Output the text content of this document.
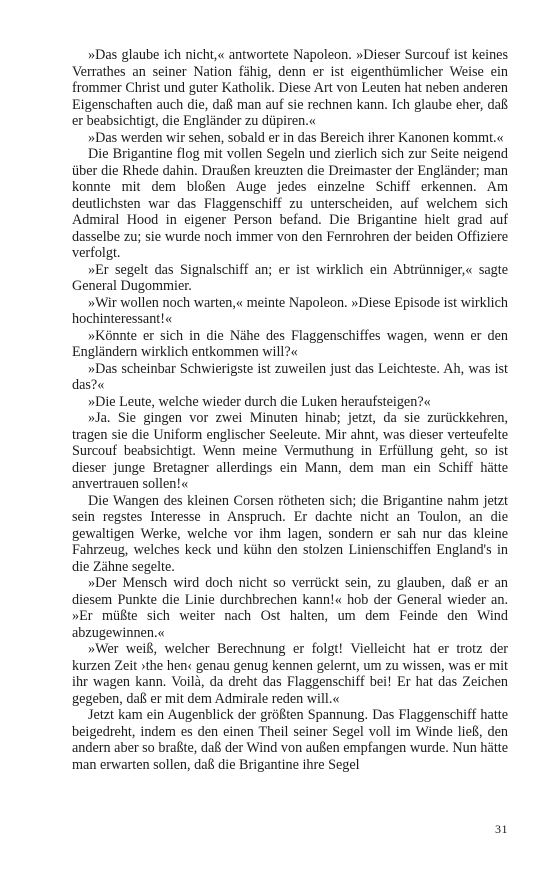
»Das glaube ich nicht,« antwortete Napoleon. »Dieser Surcouf ist keines Verrathes an seiner Nation fähig, denn er ist eigenthümlicher Weise ein frommer Christ und guter Katholik. Diese Art von Leuten hat neben anderen Eigenschaften auch die, daß man auf sie rechnen kann. Ich glaube eher, daß er beabsichtigt, die Engländer zu düpiren.«

»Das werden wir sehen, sobald er in das Bereich ihrer Kanonen kommt.«

Die Brigantine flog mit vollen Segeln und zierlich sich zur Seite neigend über die Rhede dahin. Draußen kreuzten die Dreimaster der Engländer; man konnte mit dem bloßen Auge jedes einzelne Schiff erkennen. Am deutlichsten war das Flaggenschiff zu unterscheiden, auf welchem sich Admiral Hood in eigener Person befand. Die Brigantine hielt grad auf dasselbe zu; sie wurde noch immer von den Fernrohren der beiden Offiziere verfolgt.

»Er segelt das Signalschiff an; er ist wirklich ein Abtrünniger,« sagte General Dugommier.

»Wir wollen noch warten,« meinte Napoleon. »Diese Episode ist wirklich hochinteressant!«

»Könnte er sich in die Nähe des Flaggenschiffes wagen, wenn er den Engländern wirklich entkommen will?«

»Das scheinbar Schwierigste ist zuweilen just das Leichteste. Ah, was ist das?«

»Die Leute, welche wieder durch die Luken heraufsteigen?«

»Ja. Sie gingen vor zwei Minuten hinab; jetzt, da sie zurückkehren, tragen sie die Uniform englischer Seeleute. Mir ahnt, was dieser verteufelte Surcouf beabsichtigt. Wenn meine Vermuthung in Erfüllung geht, so ist dieser junge Bretagner allerdings ein Mann, dem man ein Schiff hätte anvertrauen sollen!«

Die Wangen des kleinen Corsen rötheten sich; die Brigantine nahm jetzt sein regstes Interesse in Anspruch. Er dachte nicht an Toulon, an die gewaltigen Werke, welche vor ihm lagen, sondern er sah nur das kleine Fahrzeug, welches keck und kühn den stolzen Linienschiffen England's in die Zähne segelte.

»Der Mensch wird doch nicht so verrückt sein, zu glauben, daß er an diesem Punkte die Linie durchbrechen kann!« hob der General wieder an. »Er müßte sich weiter nach Ost halten, um dem Feinde den Wind abzugewinnen.«

»Wer weiß, welcher Berechnung er folgt! Vielleicht hat er trotz der kurzen Zeit ›the hen‹ genau genug kennen gelernt, um zu wissen, was er mit ihr wagen kann. Voilà, da dreht das Flaggenschiff bei! Er hat das Zeichen gegeben, daß er mit dem Admirale reden will.«

Jetzt kam ein Augenblick der größten Spannung. Das Flaggenschiff hatte beigedreht, indem es den einen Theil seiner Segel voll im Winde ließ, den andern aber so braßte, daß der Wind von außen empfangen wurde. Nun hätte man erwarten sollen, daß die Brigantine ihre Segel

31
